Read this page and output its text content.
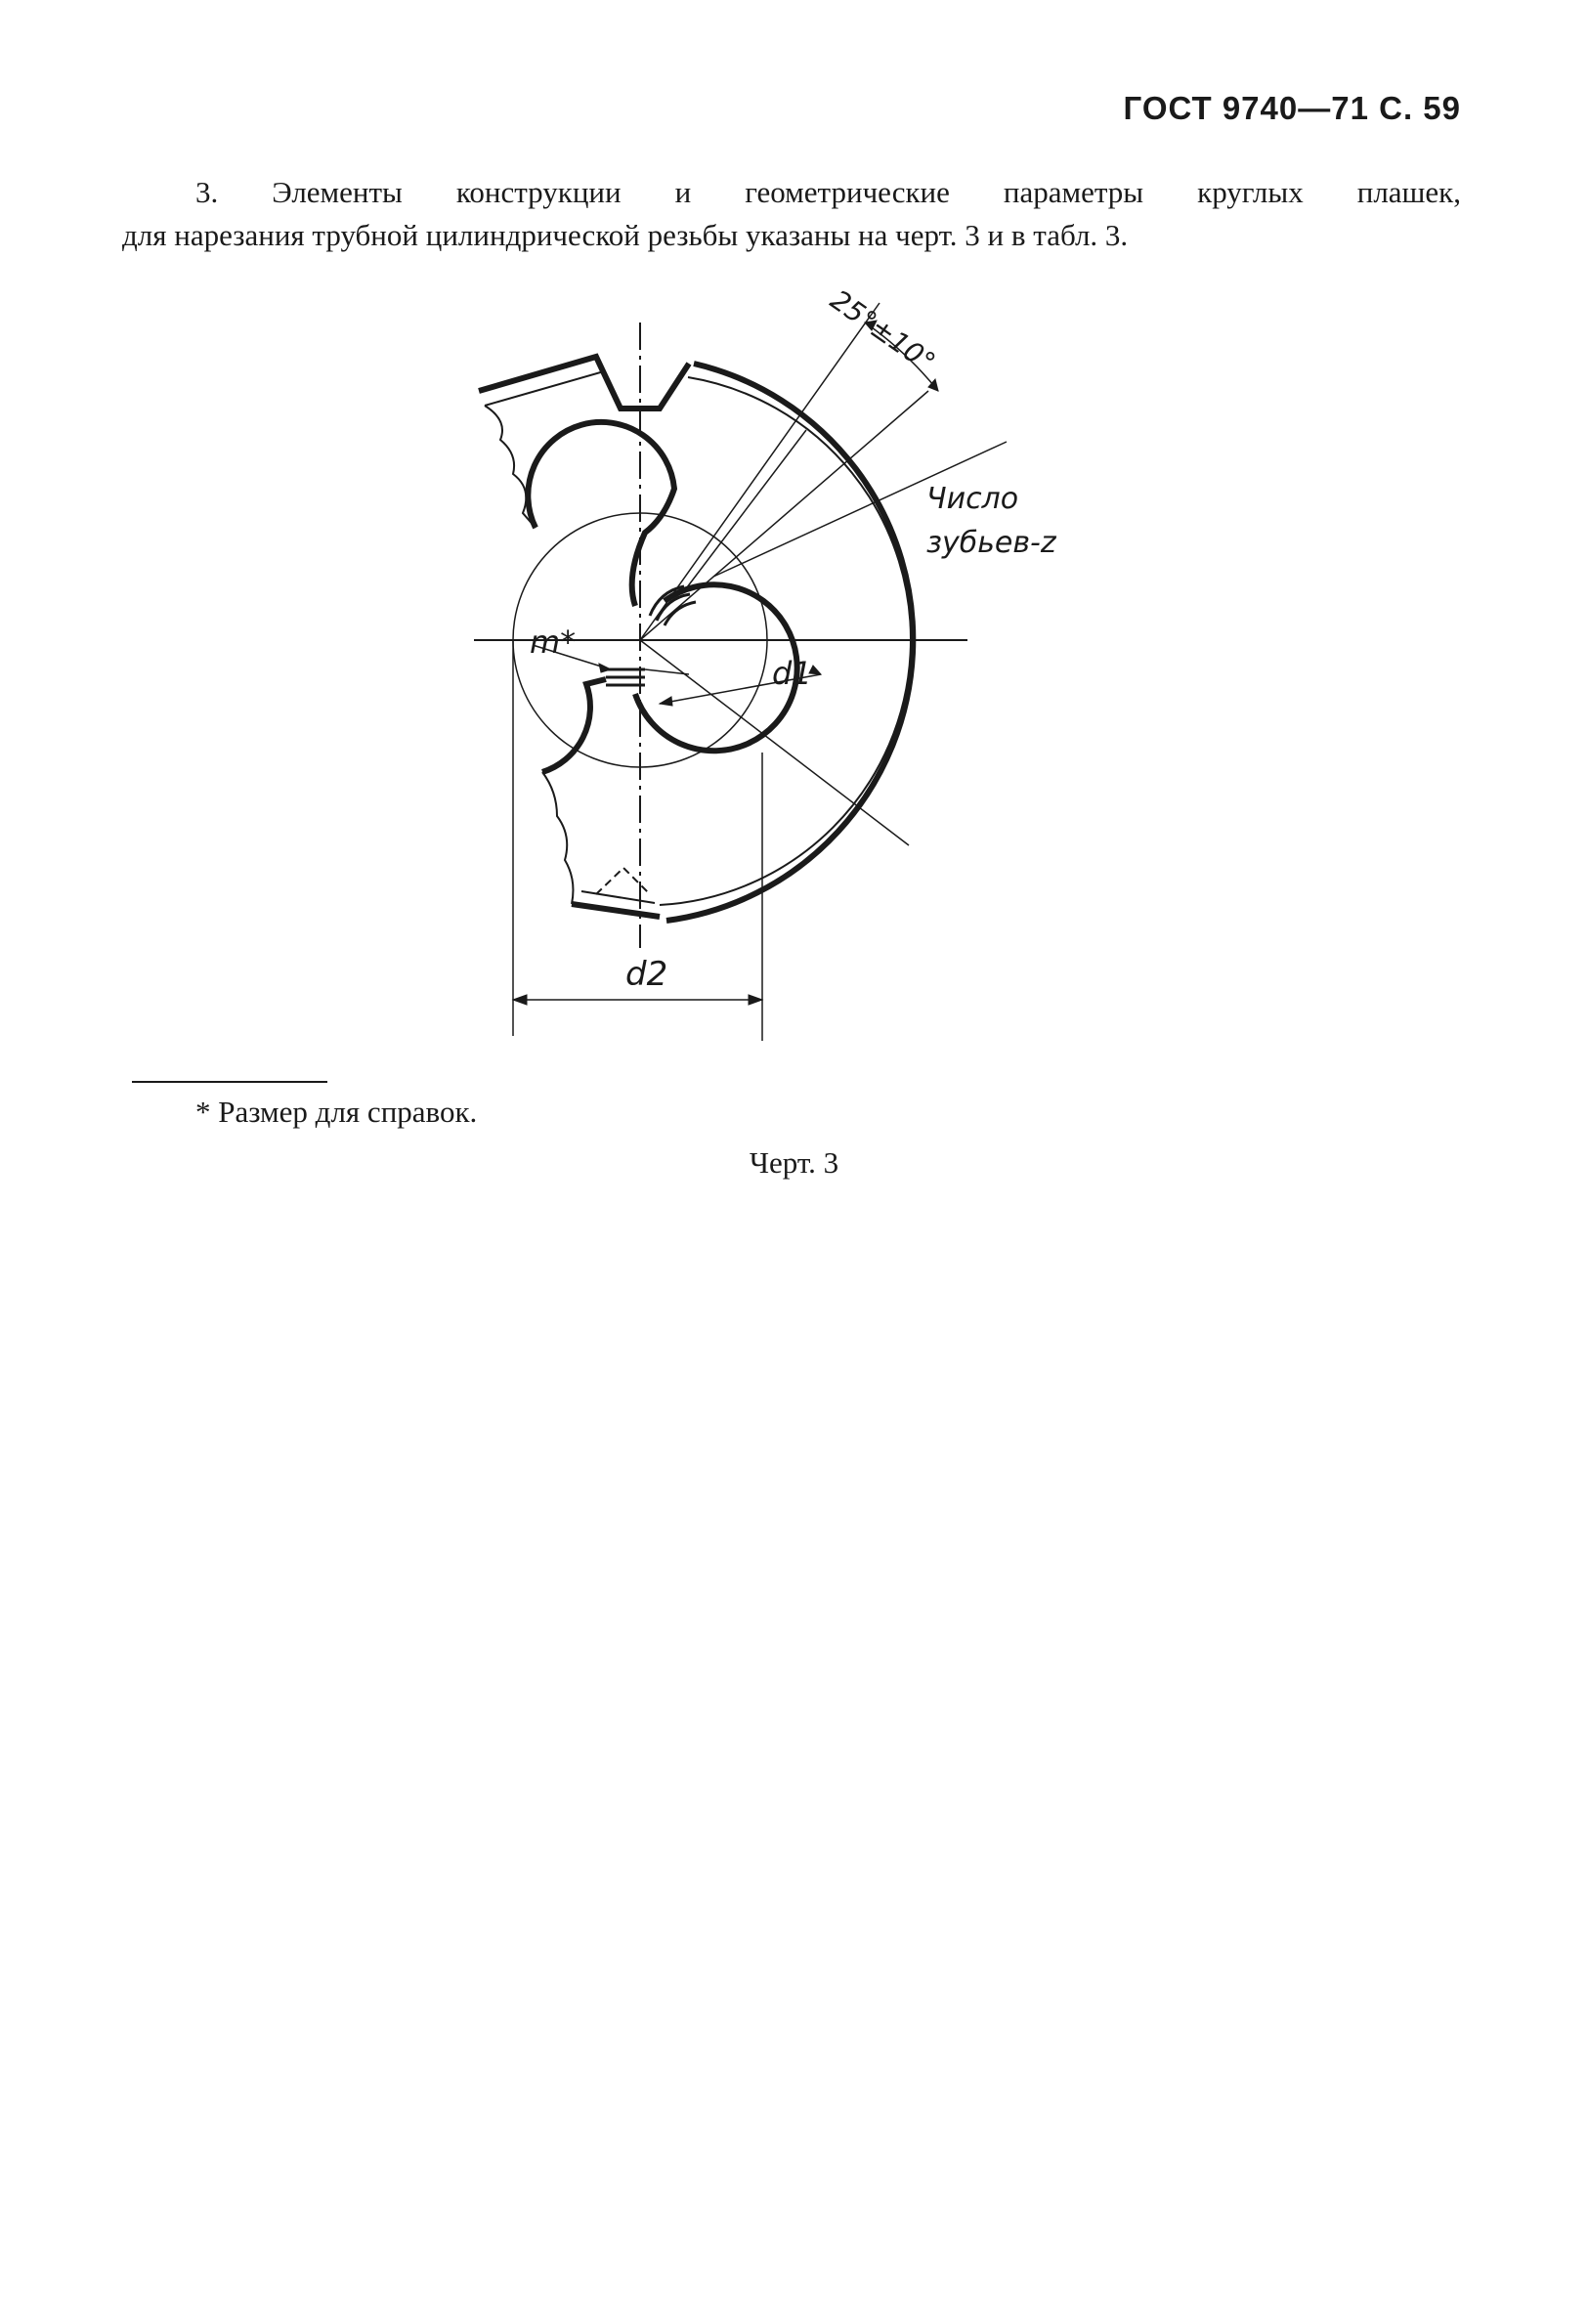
ГОСТ 9740—71 С. 59
3. Элементы конструкции и геометрические параметры круглых плашек,
для нарезания трубной цилиндрической резьбы указаны на черт. 3 и в табл. 3.
25°±10°
Число
зубьев-z
m*
d1
d2
* Размер для справок.
Черт. 3
